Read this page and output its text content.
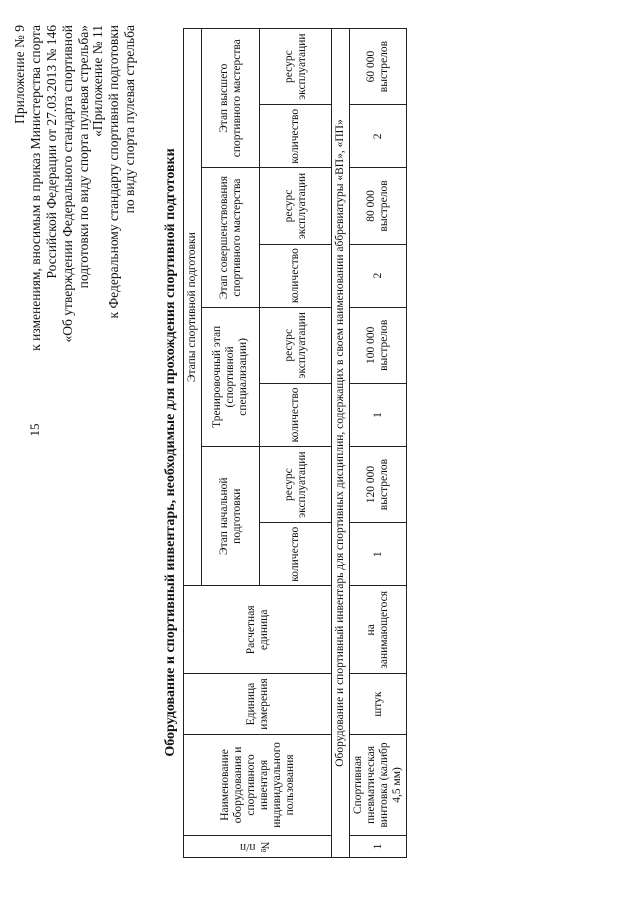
15
Приложение № 9 к изменениям, вносимым в приказ Министерства спорта Российской Федерации от 27.03.2013 № 146 «Об утверждении Федерального стандарта спортивной подготовки по виду спорта пулевая стрельба» «Приложение № 11 к Федеральному стандарту спортивной подготовки по виду спорта пулевая стрельба
Оборудование и спортивный инвентарь, необходимые для прохождения спортивной подготовки
№ п/п	Наименование оборудования и спортивного инвентаря индивидуального пользования	Единица измерения	Расчетная единица	Этапы спортивной подготовки							
				Этап начальной подготовки		Тренировочный этап (спортивной специализации)		Этап совершенствования спортивного мастерства		Этап высшего спортивного мастерства	
				количество	ресурс эксплуатации	количество	ресурс эксплуатации	количество	ресурс эксплуатации	количество	ресурс эксплуатации
Оборудование и спортивный инвентарь для спортивных дисциплин, содержащих в своем наименовании аббревиатуры «ВП», «ПП»											
1	Спортивная пневматическая винтовка (калибр 4,5 мм)	штук	на занимающегося	1	120 000 выстрелов	1	100 000 выстрелов	2	80 000 выстрелов	2	60 000 выстрелов
